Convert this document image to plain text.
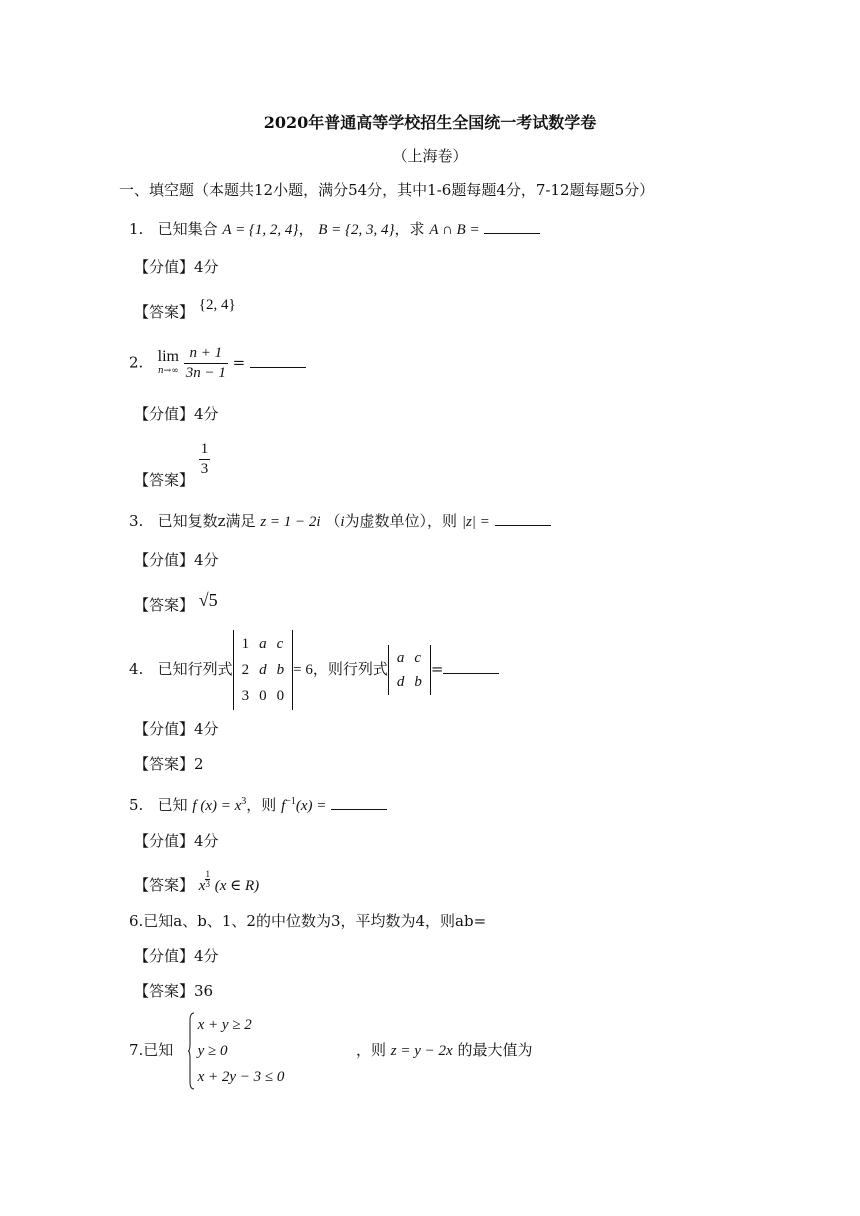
2020年普通高等学校招生全国统一考试数学卷
（上海卷）
一、填空题（本题共12小题，满分54分，其中1-6题每题4分，7-12题每题5分）
1. 已知集合 A = {1, 2, 4}， B = {2, 3, 4}，求 A ∩ B =
【分值】4分
【答案】 {2, 4}
2. lim
n→∞
$\frac{n + 1}{3n - 1}$ =
【分值】4分
【答案】
$\frac{1}{3}$
3. 已知复数z满足 z = 1 − 2i （i为虚数单位），则 |z| =
【分值】4分
【答案】 √5
4. 已知行列式
1	a	c
2	d	b
3	0	0
= 6，则行列式
a	c
d	b
=
【分值】4分
【答案】2
5. 已知 f $(x) = x^3$，则 $f^{-1}(x)$ =
【分值】4分
【答案】 x $\frac{1}{3} (x$ ∈ R)
6.已知a、b、1、2的中位数为3，平均数为4，则ab=
【分值】4分
【答案】36
7.已知
x + y ≥ 2
y ≥ 0
x + 2y − 3 ≤ 0
，则 z = y − 2x 的最大值为
